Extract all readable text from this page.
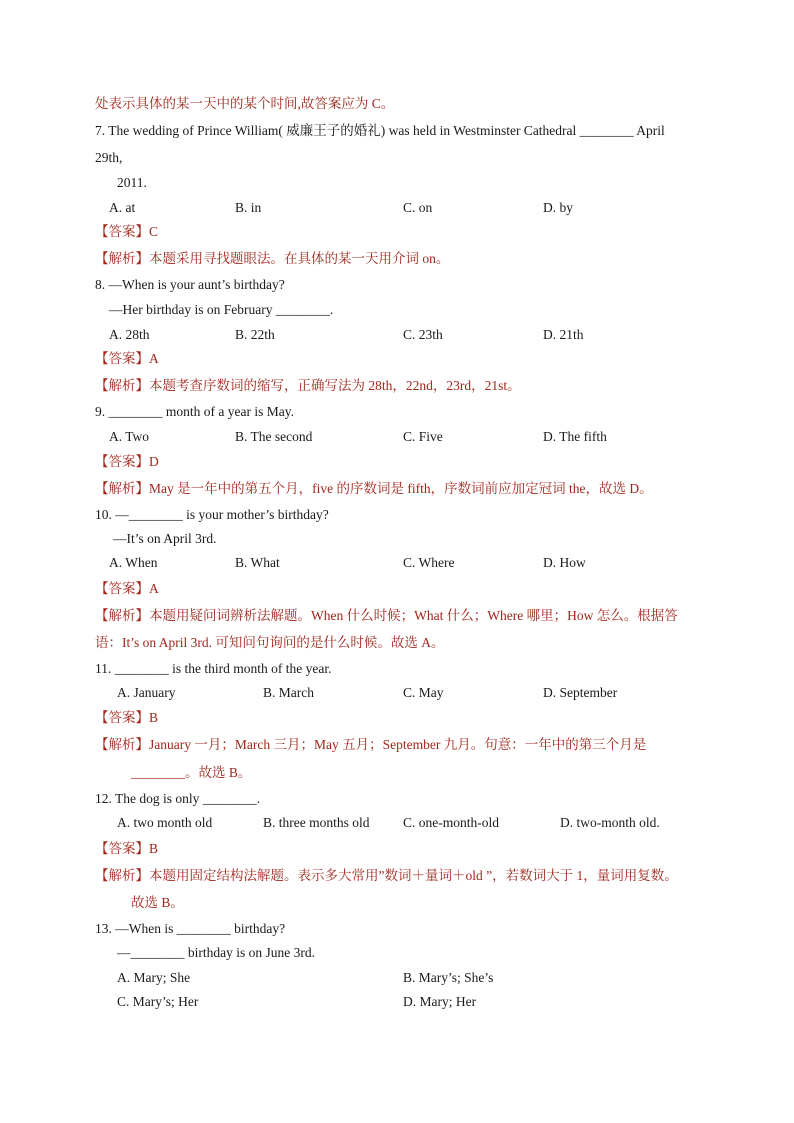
处表示具体的某一天中的某个时间,故答案应为 C。
7. The wedding of Prince William( 威廉王子的婚礼) was held in Westminster Cathedral ________ April
29th,
2011.
A. at	B. in	C. on	D. by
【答案】C
【解析】本题采用寻找题眼法。在具体的某一天用介词 on。
8. —When is your aunt’s birthday?
—Her birthday is on February ________.
A. 28th	B. 22th	C. 23th	D. 21th
【答案】A
【解析】本题考查序数词的缩写，正确写法为 28th，22nd，23rd，21st。
9. ________ month of a year is May.
A. Two	B. The second	C. Five	D. The fifth
【答案】D
【解析】May 是一年中的第五个月，five 的序数词是 fifth，序数词前应加定冠词 the，故选 D。
10. —________ is your mother’s birthday?
—It’s on April 3rd.
A. When	B. What	C. Where	D. How
【答案】A
【解析】本题用疑问词辨析法解题。When 什么时候；What 什么；Where 哪里；How 怎么。根据答
语：It’s on April 3rd. 可知问句询问的是什么时候。故选 A。
11. ________ is the third month of the year.
A. January	B. March	C. May	D. September
【答案】B
【解析】January 一月；March 三月；May 五月；September 九月。句意：一年中的第三个月是
________。故选 B。
12. The dog is only ________.
A. two month old	B. three months old C. one-month-old	D. two-month old.
【答案】B
【解析】本题用固定结构法解题。表示多大常用”数词＋量词＋old ”，若数词大于 1，量词用复数。
故选 B。
13. —When is ________ birthday?
—________ birthday is on June 3rd.
A. Mary; She	B. Mary’s; She’s
C. Mary’s; Her	D. Mary; Her
